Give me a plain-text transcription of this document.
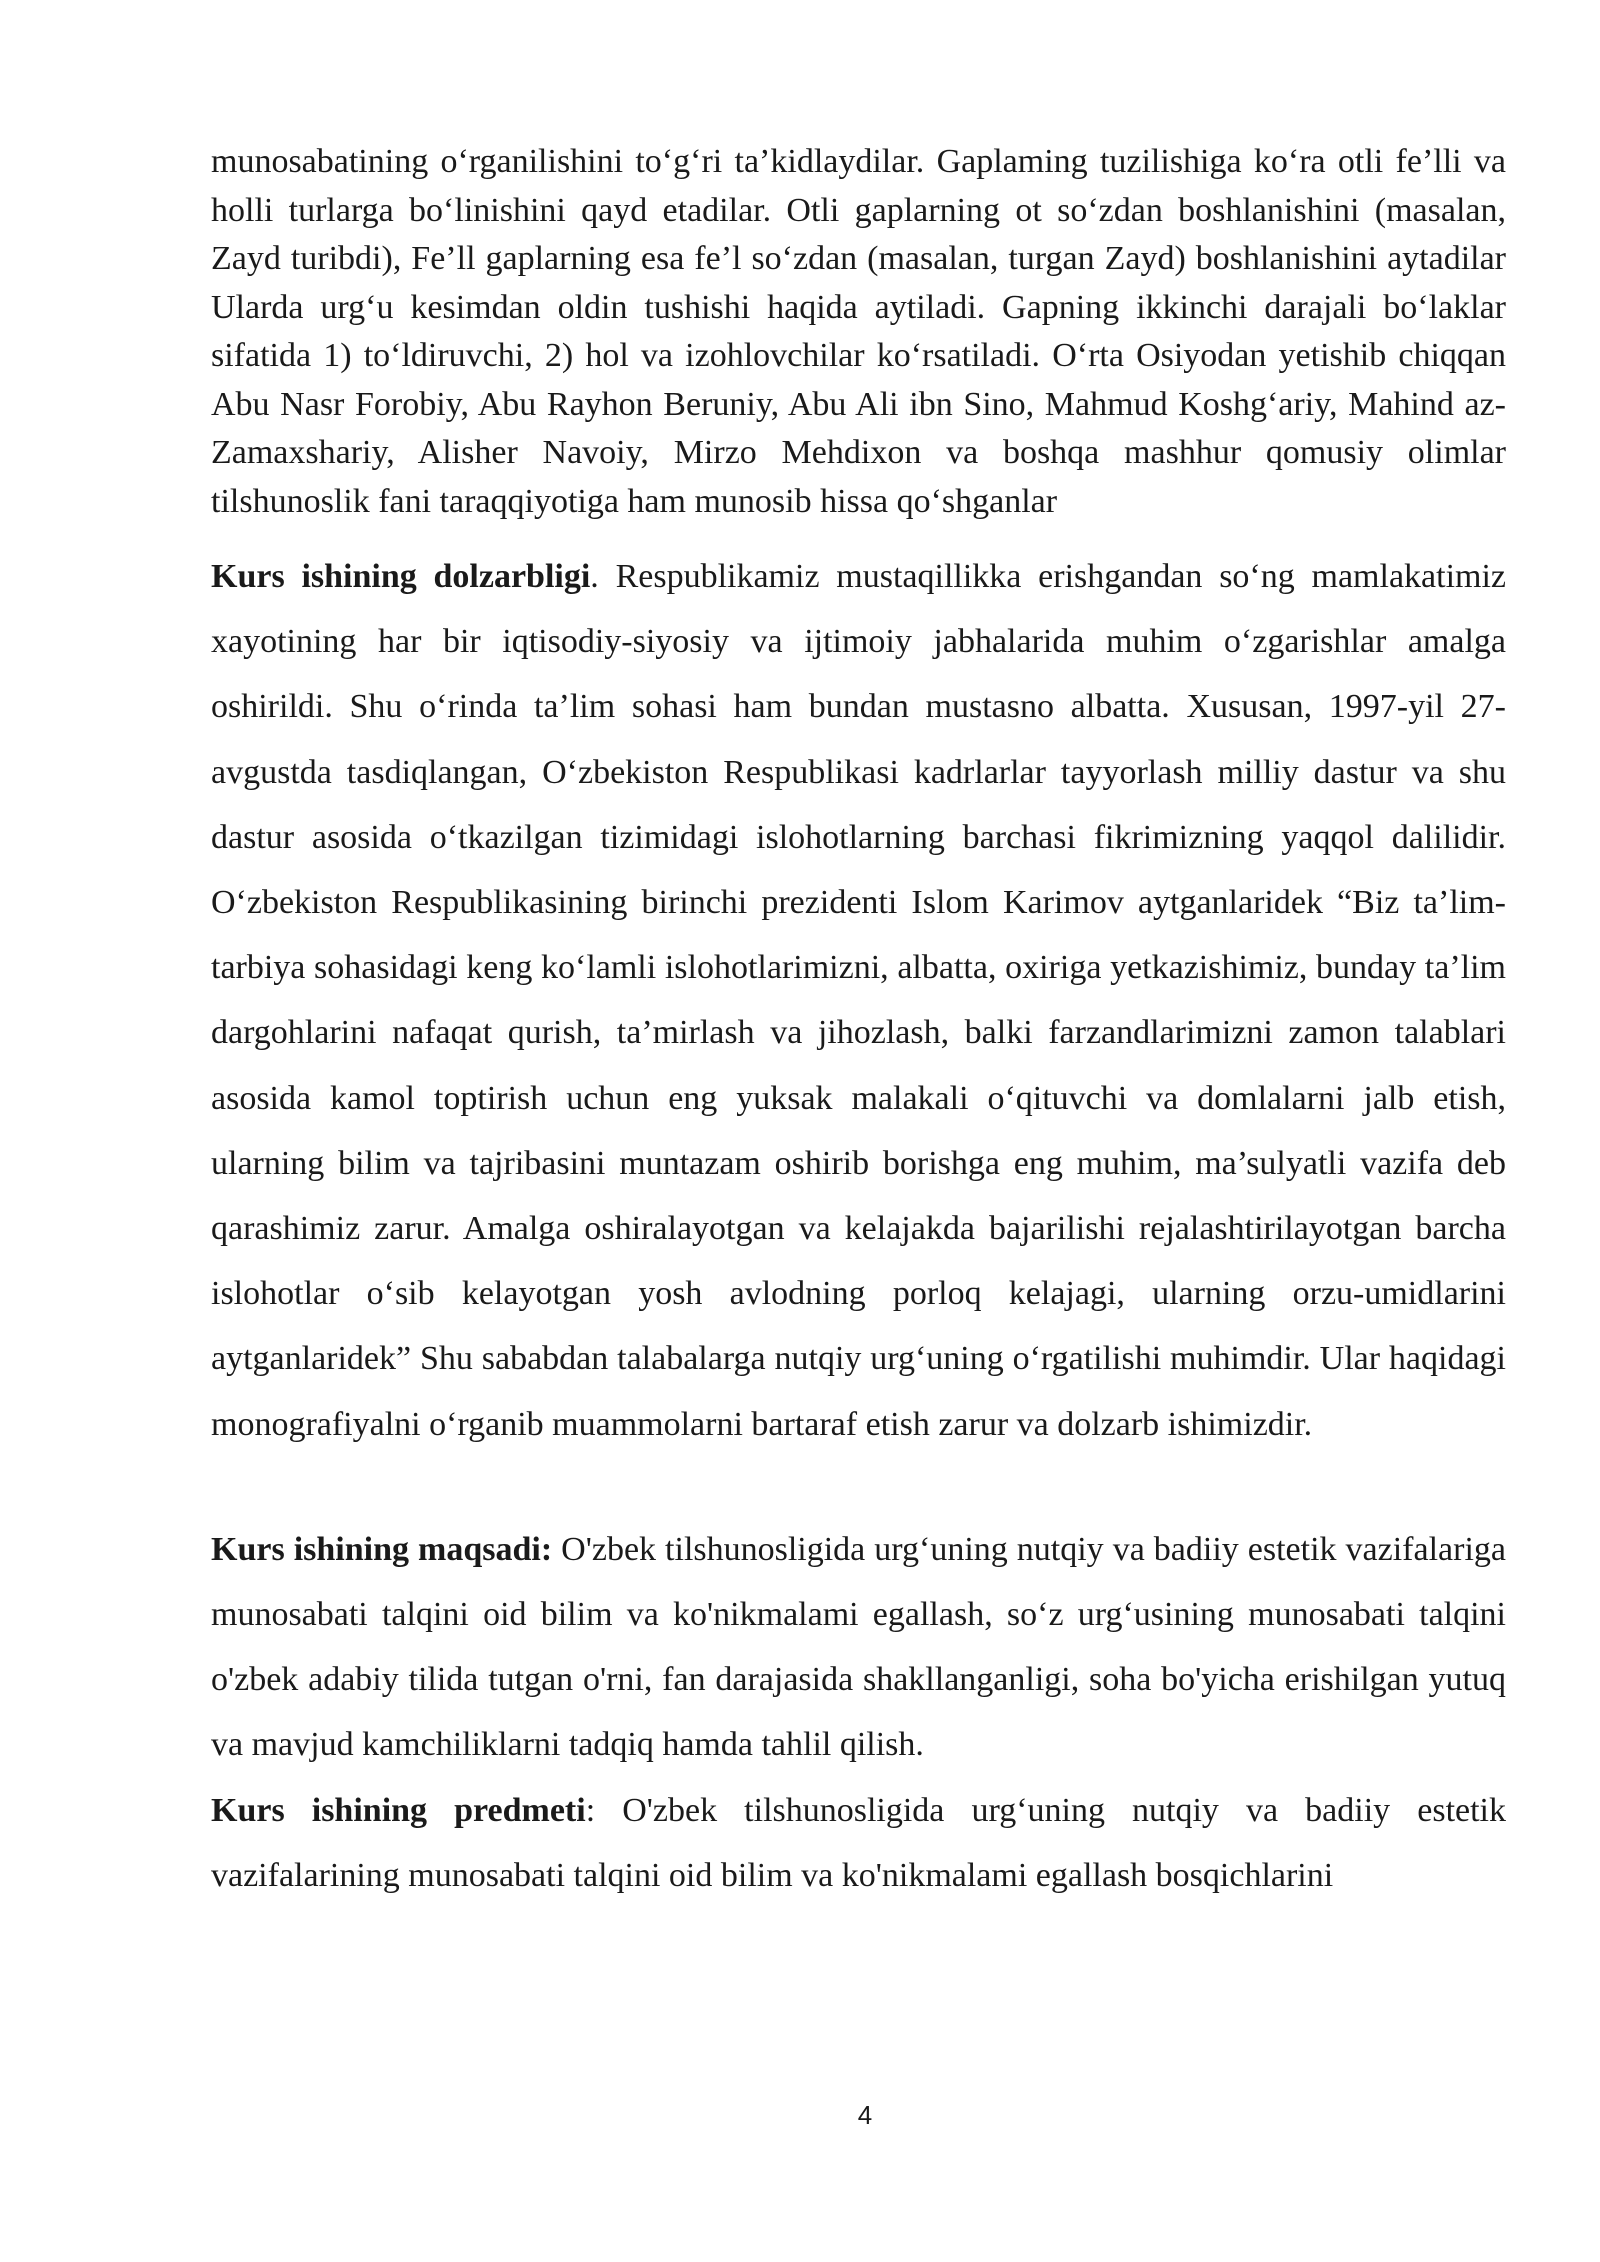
munosabatining o‘rganilishini to‘g‘ri ta’kidlaydilar. Gaplaming tuzilishiga ko‘ra otli fe’lli va holli turlarga bo‘linishini qayd etadilar. Otli gaplarning ot so‘zdan boshlanishini (masalan, Zayd turibdi), Fe’ll gaplarning esa fe’l so‘zdan (masalan, turgan Zayd) boshlanishini aytadilar Ularda urg‘u kesimdan oldin tushishi haqida aytiladi. Gapning ikkinchi darajali bo‘laklar sifatida 1) to‘ldiruvchi, 2) hol va izohlovchilar ko‘rsatiladi. O‘rta Osiyodan yetishib chiqqan Abu Nasr Forobiy, Abu Rayhon Beruniy, Abu Ali ibn Sino, Mahmud Koshg‘ariy, Mahind az-Zamaxshariy, Alisher Navoiy, Mirzo Mehdixon va boshqa mashhur qomusiy olimlar tilshunoslik fani taraqqiyotiga ham munosib hissa qo‘shganlar

Kurs ishining dolzarbligi. Respublikamiz mustaqillikka erishgandan so‘ng mamlakatimiz xayotining har bir iqtisodiy-siyosiy va ijtimoiy jabhalarida muhim o‘zgarishlar amalga oshirildi. Shu o‘rinda ta’lim sohasi ham bundan mustasno albatta. Xususan, 1997-yil 27-avgustda tasdiqlangan, O‘zbekiston Respublikasi kadrlarlar tayyorlash milliy dastur va shu dastur asosida o‘tkazilgan tizimidagi islohotlarning barchasi fikrimizning yaqqol dalilidir. O‘zbekiston Respublikasining birinchi prezidenti Islom Karimov aytganlaridek “Biz ta’lim-tarbiya sohasidagi keng ko‘lamli islohotlarimizni, albatta, oxiriga yetkazishimiz, bunday ta’lim dargohlarini nafaqat qurish, ta’mirlash va jihozlash, balki farzandlarimizni zamon talablari asosida kamol toptirish uchun eng yuksak malakali o‘qituvchi va domlalarni jalb etish, ularning bilim va tajribasini muntazam oshirib borishga eng muhim, ma’sulyatli vazifa deb qarashimiz zarur. Amalga oshiralayotgan va kelajakda bajarilishi rejalashtirilayotgan barcha islohotlar o‘sib kelayotgan yosh avlodning porloq kelajagi, ularning orzu-umidlarini aytganlaridek” Shu sababdan talabalarga nutqiy urg‘uning o‘rgatilishi muhimdir. Ular haqidagi monografiyalni o‘rganib muammolarni bartaraf etish zarur va dolzarb ishimizdir.

Kurs ishining maqsadi: O'zbek tilshunosligida urg‘uning nutqiy va badiiy estetik vazifalariga munosabati talqini oid bilim va ko'nikmalami egallash, so‘z urg‘usining munosabati talqini o'zbek adabiy tilida tutgan o'rni, fan darajasida shakllanganligi, soha bo'yicha erishilgan yutuq va mavjud kamchiliklarni tadqiq hamda tahlil qilish.

Kurs ishining predmeti: O'zbek tilshunosligida urg‘uning nutqiy va badiiy estetik vazifalarining munosabati talqini oid bilim va ko'nikmalami egallash bosqichlarini

4
